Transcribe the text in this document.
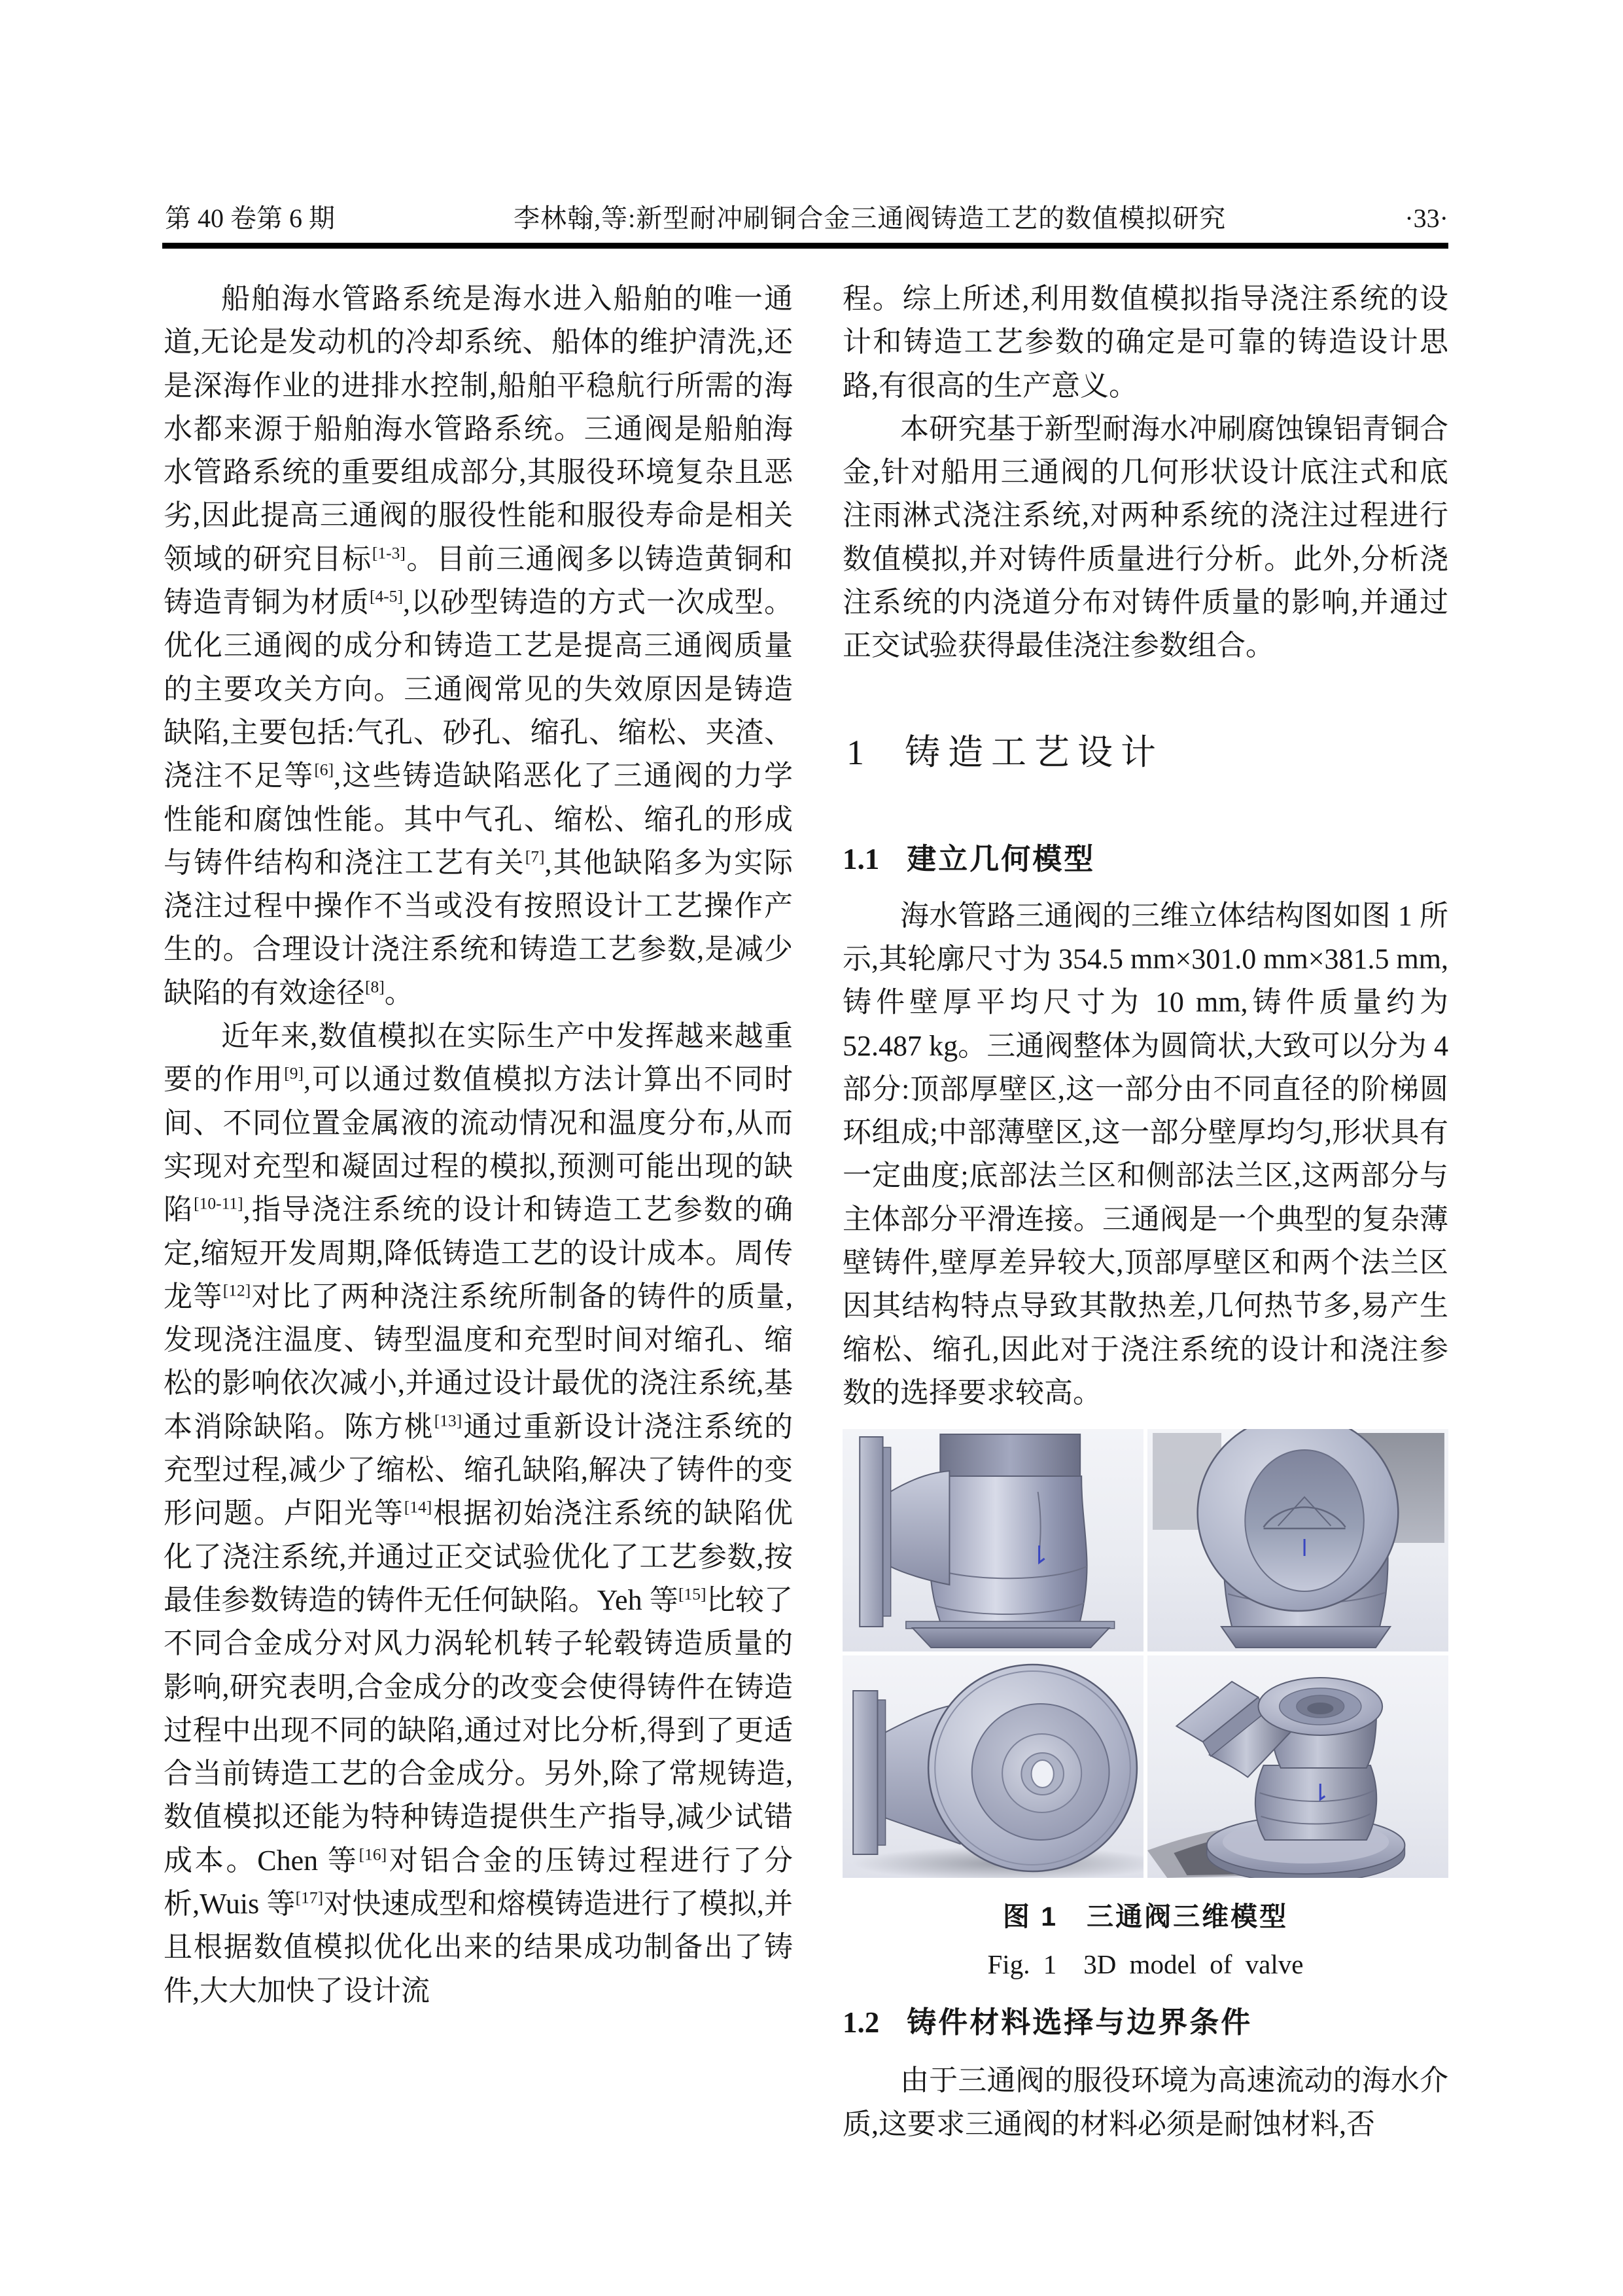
第 40 卷第 6 期	李林翰,等:新型耐冲刷铜合金三通阀铸造工艺的数值模拟研究	·33·

船舶海水管路系统是海水进入船舶的唯一通道,无论是发动机的冷却系统、船体的维护清洗,还是深海作业的进排水控制,船舶平稳航行所需的海水都来源于船舶海水管路系统。三通阀是船舶海水管路系统的重要组成部分,其服役环境复杂且恶劣,因此提高三通阀的服役性能和服役寿命是相关领域的研究目标[1-3]。目前三通阀多以铸造黄铜和铸造青铜为材质[4-5],以砂型铸造的方式一次成型。优化三通阀的成分和铸造工艺是提高三通阀质量的主要攻关方向。三通阀常见的失效原因是铸造缺陷,主要包括:气孔、砂孔、缩孔、缩松、夹渣、浇注不足等[6],这些铸造缺陷恶化了三通阀的力学性能和腐蚀性能。其中气孔、缩松、缩孔的形成与铸件结构和浇注工艺有关[7],其他缺陷多为实际浇注过程中操作不当或没有按照设计工艺操作产生的。合理设计浇注系统和铸造工艺参数,是减少缺陷的有效途径[8]。

近年来,数值模拟在实际生产中发挥越来越重要的作用[9],可以通过数值模拟方法计算出不同时间、不同位置金属液的流动情况和温度分布,从而实现对充型和凝固过程的模拟,预测可能出现的缺陷[10-11],指导浇注系统的设计和铸造工艺参数的确定,缩短开发周期,降低铸造工艺的设计成本。周传龙等[12]对比了两种浇注系统所制备的铸件的质量,发现浇注温度、铸型温度和充型时间对缩孔、缩松的影响依次减小,并通过设计最优的浇注系统,基本消除缺陷。陈方桃[13]通过重新设计浇注系统的充型过程,减少了缩松、缩孔缺陷,解决了铸件的变形问题。卢阳光等[14]根据初始浇注系统的缺陷优化了浇注系统,并通过正交试验优化了工艺参数,按最佳参数铸造的铸件无任何缺陷。Yeh 等[15]比较了不同合金成分对风力涡轮机转子轮毂铸造质量的影响,研究表明,合金成分的改变会使得铸件在铸造过程中出现不同的缺陷,通过对比分析,得到了更适合当前铸造工艺的合金成分。另外,除了常规铸造,数值模拟还能为特种铸造提供生产指导,减少试错成本。Chen 等[16]对铝合金的压铸过程进行了分析,Wuis 等[17]对快速成型和熔模铸造进行了模拟,并且根据数值模拟优化出来的结果成功制备出了铸件,大大加快了设计流

程。综上所述,利用数值模拟指导浇注系统的设计和铸造工艺参数的确定是可靠的铸造设计思路,有很高的生产意义。

本研究基于新型耐海水冲刷腐蚀镍铝青铜合金,针对船用三通阀的几何形状设计底注式和底注雨淋式浇注系统,对两种系统的浇注过程进行数值模拟,并对铸件质量进行分析。此外,分析浇注系统的内浇道分布对铸件质量的影响,并通过正交试验获得最佳浇注参数组合。

1 铸造工艺设计
1.1 建立几何模型

海水管路三通阀的三维立体结构图如图 1 所示,其轮廓尺寸为 354.5 mm×301.0 mm×381.5 mm,铸件壁厚平均尺寸为 10 mm,铸件质量约为 52.487 kg。三通阀整体为圆筒状,大致可以分为 4 部分:顶部厚壁区,这一部分由不同直径的阶梯圆环组成;中部薄壁区,这一部分壁厚均匀,形状具有一定曲度;底部法兰区和侧部法兰区,这两部分与主体部分平滑连接。三通阀是一个典型的复杂薄壁铸件,壁厚差异较大,顶部厚壁区和两个法兰区因其结构特点导致其散热差,几何热节多,易产生缩松、缩孔,因此对于浇注系统的设计和浇注参数的选择要求较高。

图 1　三通阀三维模型
Fig. 1　3D model of valve
1.2 铸件材料选择与边界条件

由于三通阀的服役环境为高速流动的海水介质,这要求三通阀的材料必须是耐蚀材料,否
